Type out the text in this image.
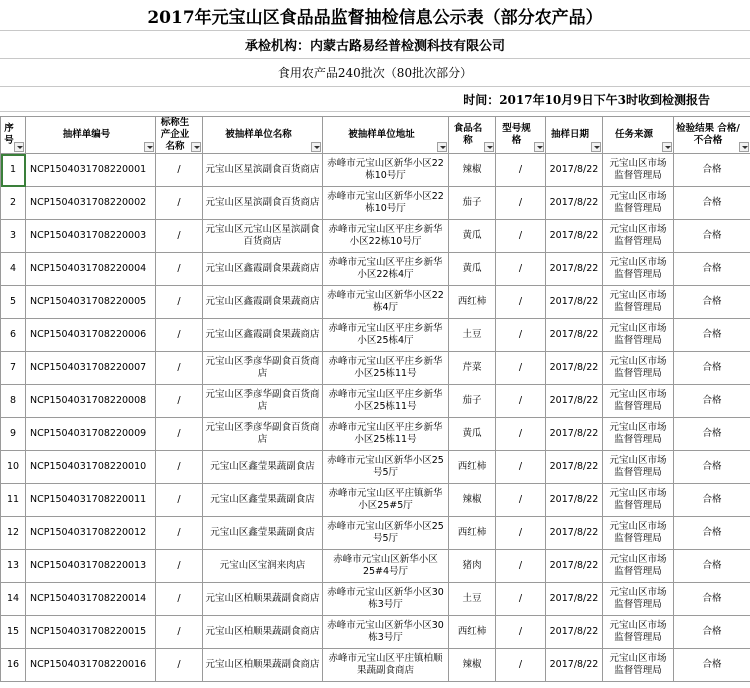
2017年元宝山区食品品监督抽检信息公示表（部分农产品）
承检机构：内蒙古路易经普检测科技有限公司
食用农产品240批次（80批次部分）
时间：2017年10月9日下午3时收到检测报告
序号	抽样单编号	标称生产企业名称	被抽样单位名称	被抽样单位地址	食品名称	型号规格	抽样日期	任务来源	检验结果 合格/不合格

1	NCP1504031708220001	/	元宝山区星滨副食百货商店	赤峰市元宝山区新华小区22栋10号厅	辣椒	/	2017/8/22	元宝山区市场监督管理局	合格
2	NCP1504031708220002	/	元宝山区星滨副食百货商店	赤峰市元宝山区新华小区22栋10号厅	茄子	/	2017/8/22	元宝山区市场监督管理局	合格
3	NCP1504031708220003	/	元宝山区元宝山区星滨副食百货商店	赤峰市元宝山区平庄乡新华小区22栋10号厅	黄瓜	/	2017/8/22	元宝山区市场监督管理局	合格
4	NCP1504031708220004	/	元宝山区鑫霞副食果蔬商店	赤峰市元宝山区平庄乡新华小区22栋4厅	黄瓜	/	2017/8/22	元宝山区市场监督管理局	合格
5	NCP1504031708220005	/	元宝山区鑫霞副食果蔬商店	赤峰市元宝山区新华小区22栋4厅	西红柿	/	2017/8/22	元宝山区市场监督管理局	合格
6	NCP1504031708220006	/	元宝山区鑫霞副食果蔬商店	赤峰市元宝山区平庄乡新华小区25栋4厅	土豆	/	2017/8/22	元宝山区市场监督管理局	合格
7	NCP1504031708220007	/	元宝山区季彦华副食百货商店	赤峰市元宝山区平庄乡新华小区25栋11号	芹菜	/	2017/8/22	元宝山区市场监督管理局	合格
8	NCP1504031708220008	/	元宝山区季彦华副食百货商店	赤峰市元宝山区平庄乡新华小区25栋11号	茄子	/	2017/8/22	元宝山区市场监督管理局	合格
9	NCP1504031708220009	/	元宝山区季彦华副食百货商店	赤峰市元宝山区平庄乡新华小区25栋11号	黄瓜	/	2017/8/22	元宝山区市场监督管理局	合格
10	NCP1504031708220010	/	元宝山区鑫莹果蔬副食店	赤峰市元宝山区新华小区25号5厅	西红柿	/	2017/8/22	元宝山区市场监督管理局	合格
11	NCP1504031708220011	/	元宝山区鑫莹果蔬副食店	赤峰市元宝山区平庄镇新华小区25#5厅	辣椒	/	2017/8/22	元宝山区市场监督管理局	合格
12	NCP1504031708220012	/	元宝山区鑫莹果蔬副食店	赤峰市元宝山区新华小区25号5厅	西红柿	/	2017/8/22	元宝山区市场监督管理局	合格
13	NCP1504031708220013	/	元宝山区宝润来肉店	赤峰市元宝山区新华小区25#4号厅	猪肉	/	2017/8/22	元宝山区市场监督管理局	合格
14	NCP1504031708220014	/	元宝山区柏顺果蔬副食商店	赤峰市元宝山区新华小区30栋3号厅	土豆	/	2017/8/22	元宝山区市场监督管理局	合格
15	NCP1504031708220015	/	元宝山区柏顺果蔬副食商店	赤峰市元宝山区新华小区30栋3号厅	西红柿	/	2017/8/22	元宝山区市场监督管理局	合格
16	NCP1504031708220016	/	元宝山区柏顺果蔬副食商店	赤峰市元宝山区平庄镇柏顺果蔬副食商店	辣椒	/	2017/8/22	元宝山区市场监督管理局	合格
